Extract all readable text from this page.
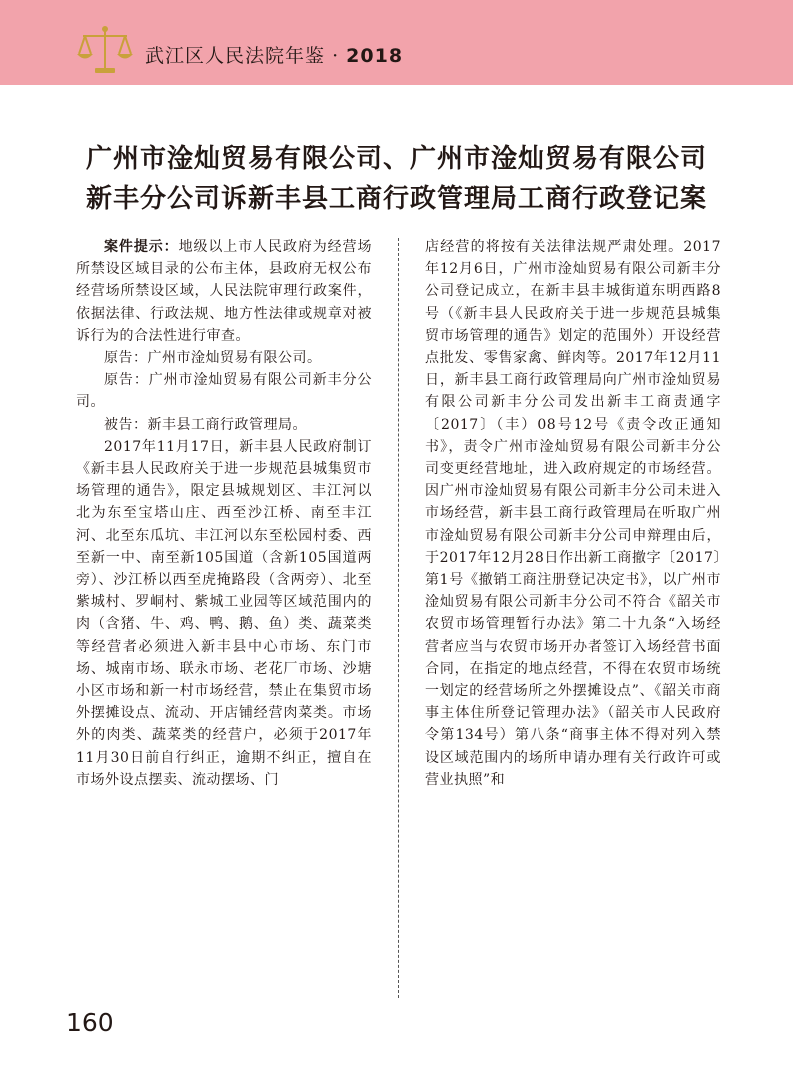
武江区人民法院年鉴 · 2018
广州市淦灿贸易有限公司、广州市淦灿贸易有限公司
新丰分公司诉新丰县工商行政管理局工商行政登记案

案件提示：地级以上市人民政府为经营场所禁设区域目录的公布主体，县政府无权公布经营场所禁设区域，人民法院审理行政案件，依据法律、行政法规、地方性法律或规章对被诉行为的合法性进行审查。

原告：广州市淦灿贸易有限公司。

原告：广州市淦灿贸易有限公司新丰分公司。

被告：新丰县工商行政管理局。

2017年11月17日，新丰县人民政府制订《新丰县人民政府关于进一步规范县城集贸市场管理的通告》，限定县城规划区、丰江河以北为东至宝塔山庄、西至沙江桥、南至丰江河、北至东瓜坑、丰江河以东至松园村委、西至新一中、南至新105国道（含新105国道两旁）、沙江桥以西至虎掩路段（含两旁）、北至紫城村、罗峒村、紫城工业园等区域范围内的肉（含猪、牛、鸡、鸭、鹅、鱼）类、蔬菜类等经营者必须进入新丰县中心市场、东门市场、城南市场、联永市场、老花厂市场、沙塘小区市场和新一村市场经营，禁止在集贸市场外摆摊设点、流动、开店铺经营肉菜类。市场外的肉类、蔬菜类的经营户，必须于2017年11月30日前自行纠正，逾期不纠正，擅自在市场外设点摆卖、流动摆场、门

店经营的将按有关法律法规严肃处理。2017年12月6日，广州市淦灿贸易有限公司新丰分公司登记成立，在新丰县丰城街道东明西路8号（《新丰县人民政府关于进一步规范县城集贸市场管理的通告》划定的范围外）开设经营点批发、零售家禽、鲜肉等。2017年12月11日，新丰县工商行政管理局向广州市淦灿贸易有限公司新丰分公司发出新丰工商责通字〔2017〕（丰）08号12号《责令改正通知书》，责令广州市淦灿贸易有限公司新丰分公司变更经营地址，进入政府规定的市场经营。因广州市淦灿贸易有限公司新丰分公司未进入市场经营，新丰县工商行政管理局在听取广州市淦灿贸易有限公司新丰分公司申辩理由后，于2017年12月28日作出新工商撤字〔2017〕第1号《撤销工商注册登记决定书》，以广州市淦灿贸易有限公司新丰分公司不符合《韶关市农贸市场管理暂行办法》第二十九条“入场经营者应当与农贸市场开办者签订入场经营书面合同，在指定的地点经营，不得在农贸市场统一划定的经营场所之外摆摊设点”、《韶关市商事主体住所登记管理办法》（韶关市人民政府令第134号）第八条“商事主体不得对列入禁设区域范围内的场所申请办理有关行政许可或营业执照”和

160
